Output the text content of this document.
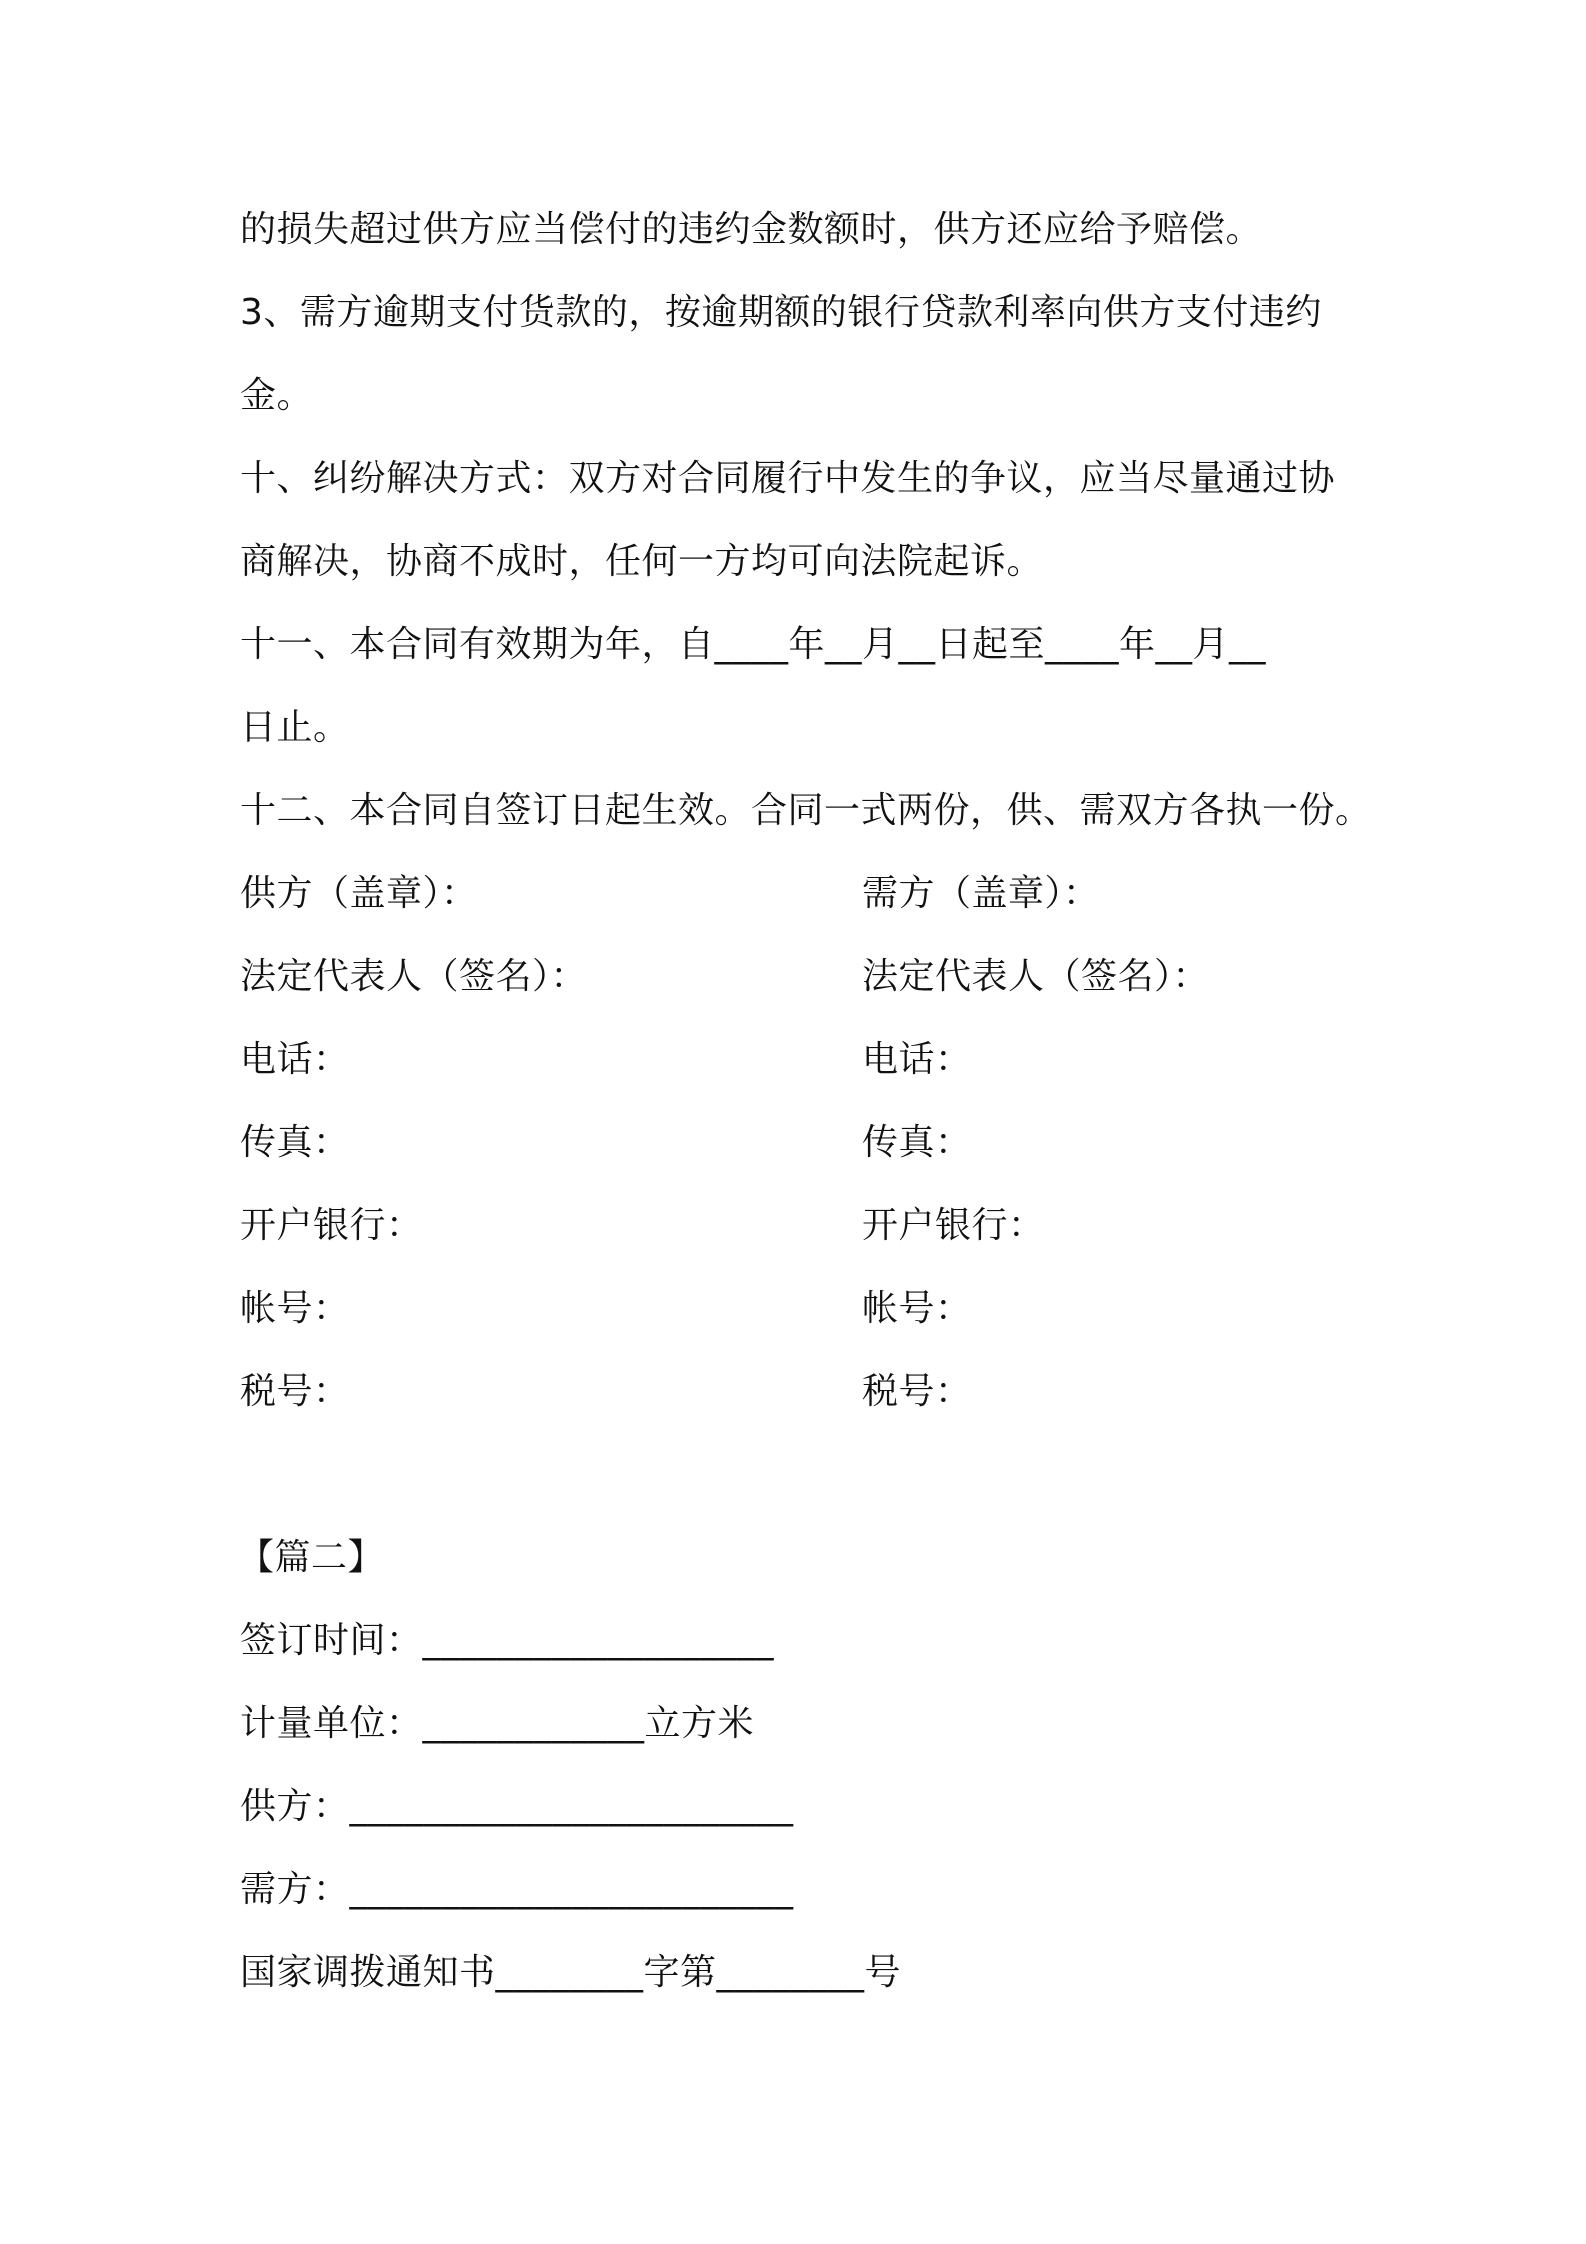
的损失超过供方应当偿付的违约金数额时，供方还应给予赔偿。
3、需方逾期支付货款的，按逾期额的银行贷款利率向供方支付违约
金。
十、纠纷解决方式：双方对合同履行中发生的争议，应当尽量通过协
商解决，协商不成时，任何一方均可向法院起诉。
十一、本合同有效期为年，自____年__月__日起至____年__月__
日止。
十二、本合同自签订日起生效。合同一式两份，供、需双方各执一份。
供方（盖章）：
法定代表人（签名）：
电话：
传真：
开户银行：
帐号：
税号：
需方（盖章）：
法定代表人（签名）：
电话：
传真：
开户银行：
帐号：
税号：
【篇二】
签订时间：___________________
计量单位：____________立方米
供方：________________________
需方：________________________
国家调拨通知书________字第________号
